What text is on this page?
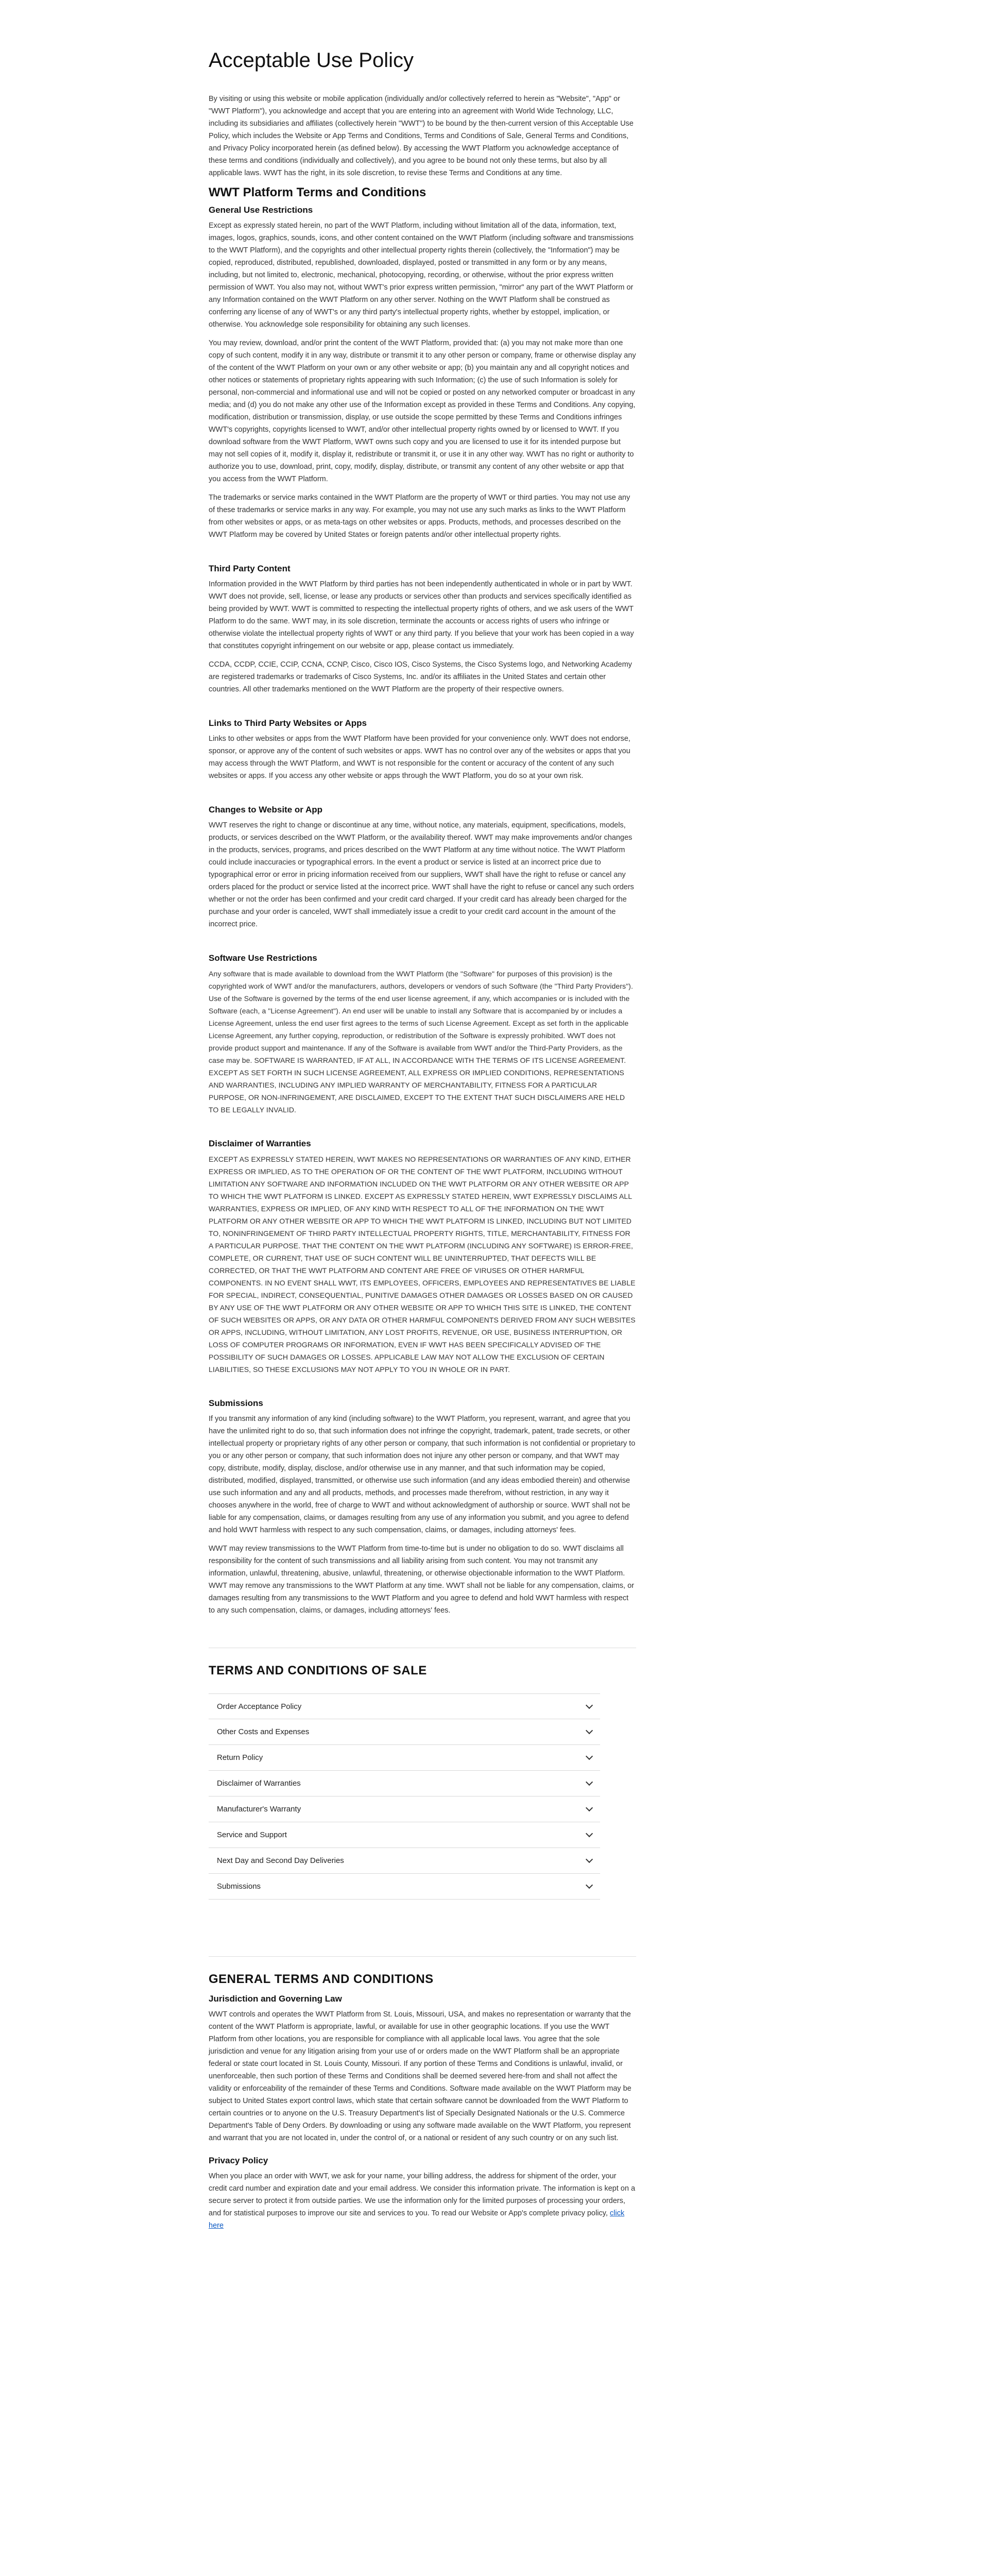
Acceptable Use Policy

By visiting or using this website or mobile application (individually and/or collectively referred to herein as "Website", "App" or "WWT Platform"), you acknowledge and accept that you are entering into an agreement with World Wide Technology, LLC, including its subsidiaries and affiliates (collectively herein "WWT") to be bound by the then-current version of this Acceptable Use Policy, which includes the Website or App Terms and Conditions, Terms and Conditions of Sale, General Terms and Conditions, and Privacy Policy incorporated herein (as defined below). By accessing the WWT Platform you acknowledge acceptance of these terms and conditions (individually and collectively), and you agree to be bound not only these terms, but also by all applicable laws. WWT has the right, in its sole discretion, to revise these Terms and Conditions at any time.

WWT Platform Terms and Conditions
General Use Restrictions

Except as expressly stated herein, no part of the WWT Platform, including without limitation all of the data, information, text, images, logos, graphics, sounds, icons, and other content contained on the WWT Platform (including software and transmissions to the WWT Platform), and the copyrights and other intellectual property rights therein (collectively, the "Information") may be copied, reproduced, distributed, republished, downloaded, displayed, posted or transmitted in any form or by any means, including, but not limited to, electronic, mechanical, photocopying, recording, or otherwise, without the prior express written permission of WWT. You also may not, without WWT's prior express written permission, "mirror" any part of the WWT Platform or any Information contained on the WWT Platform on any other server. Nothing on the WWT Platform shall be construed as conferring any license of any of WWT's or any third party's intellectual property rights, whether by estoppel, implication, or otherwise. You acknowledge sole responsibility for obtaining any such licenses.

You may review, download, and/or print the content of the WWT Platform, provided that: (a) you may not make more than one copy of such content, modify it in any way, distribute or transmit it to any other person or company, frame or otherwise display any of the content of the WWT Platform on your own or any other website or app; (b) you maintain any and all copyright notices and other notices or statements of proprietary rights appearing with such Information; (c) the use of such Information is solely for personal, non-commercial and informational use and will not be copied or posted on any networked computer or broadcast in any media; and (d) you do not make any other use of the Information except as provided in these Terms and Conditions. Any copying, modification, distribution or transmission, display, or use outside the scope permitted by these Terms and Conditions infringes WWT's copyrights, copyrights licensed to WWT, and/or other intellectual property rights owned by or licensed to WWT. If you download software from the WWT Platform, WWT owns such copy and you are licensed to use it for its intended purpose but may not sell copies of it, modify it, display it, redistribute or transmit it, or use it in any other way. WWT has no right or authority to authorize you to use, download, print, copy, modify, display, distribute, or transmit any content of any other website or app that you access from the WWT Platform.

The trademarks or service marks contained in the WWT Platform are the property of WWT or third parties. You may not use any of these trademarks or service marks in any way. For example, you may not use any such marks as links to the WWT Platform from other websites or apps, or as meta-tags on other websites or apps. Products, methods, and processes described on the WWT Platform may be covered by United States or foreign patents and/or other intellectual property rights.

Third Party Content

Information provided in the WWT Platform by third parties has not been independently authenticated in whole or in part by WWT. WWT does not provide, sell, license, or lease any products or services other than products and services specifically identified as being provided by WWT. WWT is committed to respecting the intellectual property rights of others, and we ask users of the WWT Platform to do the same. WWT may, in its sole discretion, terminate the accounts or access rights of users who infringe or otherwise violate the intellectual property rights of WWT or any third party. If you believe that your work has been copied in a way that constitutes copyright infringement on our website or app, please contact us immediately.

CCDA, CCDP, CCIE, CCIP, CCNA, CCNP, Cisco, Cisco IOS, Cisco Systems, the Cisco Systems logo, and Networking Academy are registered trademarks or trademarks of Cisco Systems, Inc. and/or its affiliates in the United States and certain other countries. All other trademarks mentioned on the WWT Platform are the property of their respective owners.

Links to Third Party Websites or Apps

Links to other websites or apps from the WWT Platform have been provided for your convenience only. WWT does not endorse, sponsor, or approve any of the content of such websites or apps. WWT has no control over any of the websites or apps that you may access through the WWT Platform, and WWT is not responsible for the content or accuracy of the content of any such websites or apps. If you access any other website or apps through the WWT Platform, you do so at your own risk.

Changes to Website or App

WWT reserves the right to change or discontinue at any time, without notice, any materials, equipment, specifications, models, products, or services described on the WWT Platform, or the availability thereof. WWT may make improvements and/or changes in the products, services, programs, and prices described on the WWT Platform at any time without notice. The WWT Platform could include inaccuracies or typographical errors. In the event a product or service is listed at an incorrect price due to typographical error or error in pricing information received from our suppliers, WWT shall have the right to refuse or cancel any orders placed for the product or service listed at the incorrect price. WWT shall have the right to refuse or cancel any such orders whether or not the order has been confirmed and your credit card charged. If your credit card has already been charged for the purchase and your order is canceled, WWT shall immediately issue a credit to your credit card account in the amount of the incorrect price.

Software Use Restrictions

Any software that is made available to download from the WWT Platform (the "Software" for purposes of this provision) is the copyrighted work of WWT and/or the manufacturers, authors, developers or vendors of such Software (the "Third Party Providers"). Use of the Software is governed by the terms of the end user license agreement, if any, which accompanies or is included with the Software (each, a "License Agreement"). An end user will be unable to install any Software that is accompanied by or includes a License Agreement, unless the end user first agrees to the terms of such License Agreement. Except as set forth in the applicable License Agreement, any further copying, reproduction, or redistribution of the Software is expressly prohibited. WWT does not provide product support and maintenance. If any of the Software is available from WWT and/or the Third-Party Providers, as the case may be. SOFTWARE IS WARRANTED, IF AT ALL, IN ACCORDANCE WITH THE TERMS OF ITS LICENSE AGREEMENT. EXCEPT AS SET FORTH IN SUCH LICENSE AGREEMENT, ALL EXPRESS OR IMPLIED CONDITIONS, REPRESENTATIONS AND WARRANTIES, INCLUDING ANY IMPLIED WARRANTY OF MERCHANTABILITY, FITNESS FOR A PARTICULAR PURPOSE, OR NON-INFRINGEMENT, ARE DISCLAIMED, EXCEPT TO THE EXTENT THAT SUCH DISCLAIMERS ARE HELD TO BE LEGALLY INVALID.

Disclaimer of Warranties

EXCEPT AS EXPRESSLY STATED HEREIN, WWT MAKES NO REPRESENTATIONS OR WARRANTIES OF ANY KIND, EITHER EXPRESS OR IMPLIED, AS TO THE OPERATION OF OR THE CONTENT OF THE WWT PLATFORM, INCLUDING WITHOUT LIMITATION ANY SOFTWARE AND INFORMATION INCLUDED ON THE WWT PLATFORM OR ANY OTHER WEBSITE OR APP TO WHICH THE WWT PLATFORM IS LINKED. EXCEPT AS EXPRESSLY STATED HEREIN, WWT EXPRESSLY DISCLAIMS ALL WARRANTIES, EXPRESS OR IMPLIED, OF ANY KIND WITH RESPECT TO ALL OF THE INFORMATION ON THE WWT PLATFORM OR ANY OTHER WEBSITE OR APP TO WHICH THE WWT PLATFORM IS LINKED, INCLUDING BUT NOT LIMITED TO, NONINFRINGEMENT OF THIRD PARTY INTELLECTUAL PROPERTY RIGHTS, TITLE, MERCHANTABILITY, FITNESS FOR A PARTICULAR PURPOSE. THAT THE CONTENT ON THE WWT PLATFORM (INCLUDING ANY SOFTWARE) IS ERROR-FREE, COMPLETE, OR CURRENT, THAT USE OF SUCH CONTENT WILL BE UNINTERRUPTED, THAT DEFECTS WILL BE CORRECTED, OR THAT THE WWT PLATFORM AND CONTENT ARE FREE OF VIRUSES OR OTHER HARMFUL COMPONENTS. IN NO EVENT SHALL WWT, ITS EMPLOYEES, OFFICERS, EMPLOYEES AND REPRESENTATIVES BE LIABLE FOR SPECIAL, INDIRECT, CONSEQUENTIAL, PUNITIVE DAMAGES OTHER DAMAGES OR LOSSES BASED ON OR CAUSED BY ANY USE OF THE WWT PLATFORM OR ANY OTHER WEBSITE OR APP TO WHICH THIS SITE IS LINKED, THE CONTENT OF SUCH WEBSITES OR APPS, OR ANY DATA OR OTHER HARMFUL COMPONENTS DERIVED FROM ANY SUCH WEBSITES OR APPS, INCLUDING, WITHOUT LIMITATION, ANY LOST PROFITS, REVENUE, OR USE, BUSINESS INTERRUPTION, OR LOSS OF COMPUTER PROGRAMS OR INFORMATION, EVEN IF WWT HAS BEEN SPECIFICALLY ADVISED OF THE POSSIBILITY OF SUCH DAMAGES OR LOSSES. APPLICABLE LAW MAY NOT ALLOW THE EXCLUSION OF CERTAIN LIABILITIES, SO THESE EXCLUSIONS MAY NOT APPLY TO YOU IN WHOLE OR IN PART.

Submissions

If you transmit any information of any kind (including software) to the WWT Platform, you represent, warrant, and agree that you have the unlimited right to do so, that such information does not infringe the copyright, trademark, patent, trade secrets, or other intellectual property or proprietary rights of any other person or company, that such information is not confidential or proprietary to you or any other person or company, that such information does not injure any other person or company, and that WWT may copy, distribute, modify, display, disclose, and/or otherwise use in any manner, and that such information may be copied, distributed, modified, displayed, transmitted, or otherwise use such information (and any ideas embodied therein) and otherwise use such information and any and all products, methods, and processes made therefrom, without restriction, in any way it chooses anywhere in the world, free of charge to WWT and without acknowledgment of authorship or source. WWT shall not be liable for any compensation, claims, or damages resulting from any use of any information you submit, and you agree to defend and hold WWT harmless with respect to any such compensation, claims, or damages, including attorneys' fees.

WWT may review transmissions to the WWT Platform from time-to-time but is under no obligation to do so. WWT disclaims all responsibility for the content of such transmissions and all liability arising from such content. You may not transmit any information, unlawful, threatening, abusive, unlawful, threatening, or otherwise objectionable information to the WWT Platform. WWT may remove any transmissions to the WWT Platform at any time. WWT shall not be liable for any compensation, claims, or damages resulting from any transmissions to the WWT Platform and you agree to defend and hold WWT harmless with respect to any such compensation, claims, or damages, including attorneys' fees.

TERMS AND CONDITIONS OF SALE
Order Acceptance Policy
Other Costs and Expenses
Return Policy
Disclaimer of Warranties
Manufacturer's Warranty
Service and Support
Next Day and Second Day Deliveries
Submissions
GENERAL TERMS AND CONDITIONS
Jurisdiction and Governing Law

WWT controls and operates the WWT Platform from St. Louis, Missouri, USA, and makes no representation or warranty that the content of the WWT Platform is appropriate, lawful, or available for use in other geographic locations. If you use the WWT Platform from other locations, you are responsible for compliance with all applicable local laws. You agree that the sole jurisdiction and venue for any litigation arising from your use of or orders made on the WWT Platform shall be an appropriate federal or state court located in St. Louis County, Missouri. If any portion of these Terms and Conditions is unlawful, invalid, or unenforceable, then such portion of these Terms and Conditions shall be deemed severed here-from and shall not affect the validity or enforceability of the remainder of these Terms and Conditions. Software made available on the WWT Platform may be subject to United States export control laws, which state that certain software cannot be downloaded from the WWT Platform to certain countries or to anyone on the U.S. Treasury Department's list of Specially Designated Nationals or the U.S. Commerce Department's Table of Deny Orders. By downloading or using any software made available on the WWT Platform, you represent and warrant that you are not located in, under the control of, or a national or resident of any such country or on any such list.

Privacy Policy

When you place an order with WWT, we ask for your name, your billing address, the address for shipment of the order, your credit card number and expiration date and your email address. We consider this information private. The information is kept on a secure server to protect it from outside parties. We use the information only for the limited purposes of processing your orders, and for statistical purposes to improve our site and services to you. To read our Website or App's complete privacy policy, click here
